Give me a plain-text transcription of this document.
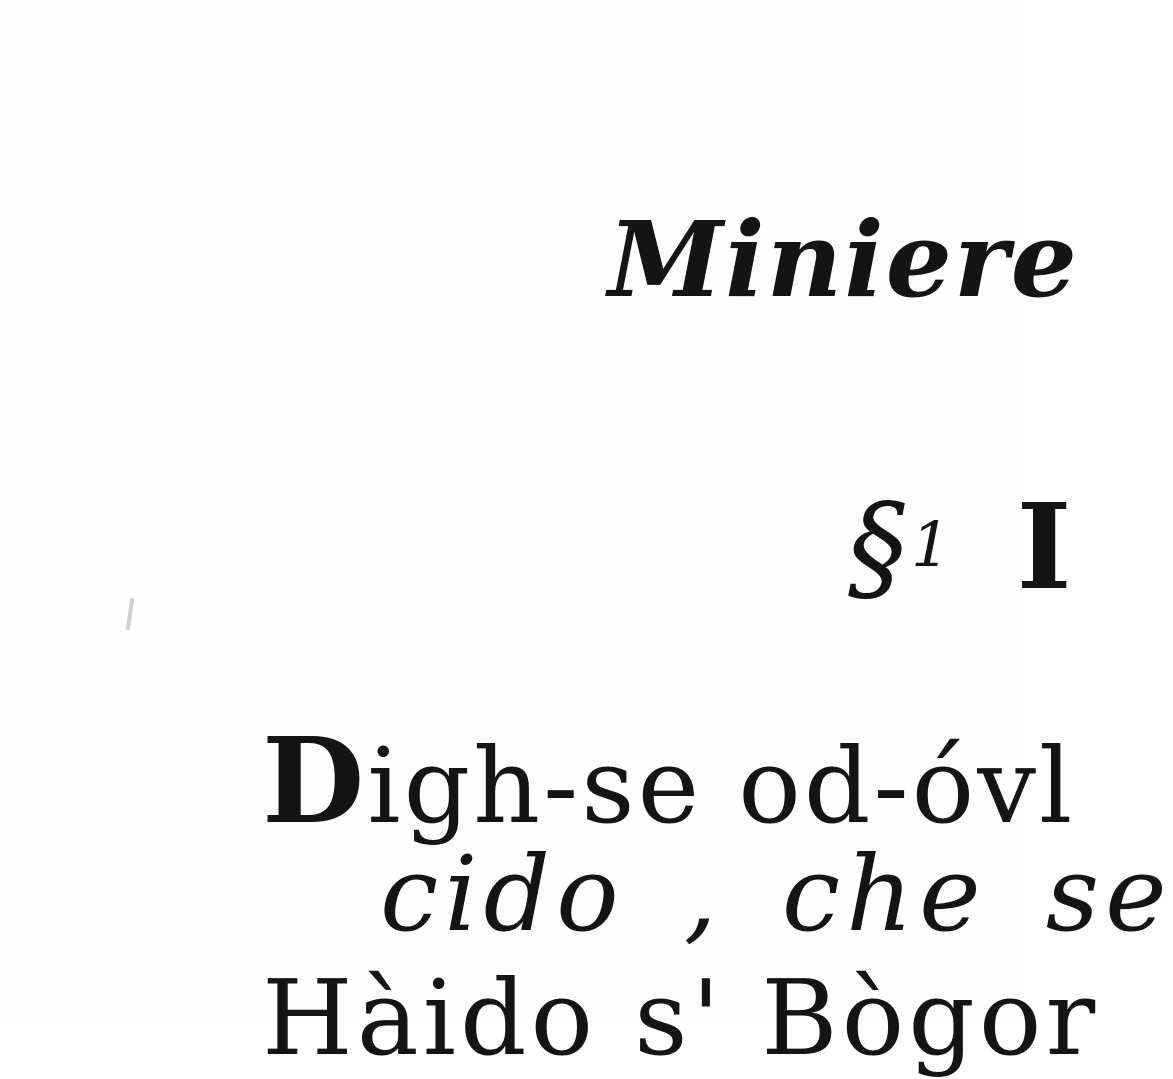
Miniere
§1 I
Digh-se od-óvl
cido , che se
Hàido s' Bògor
